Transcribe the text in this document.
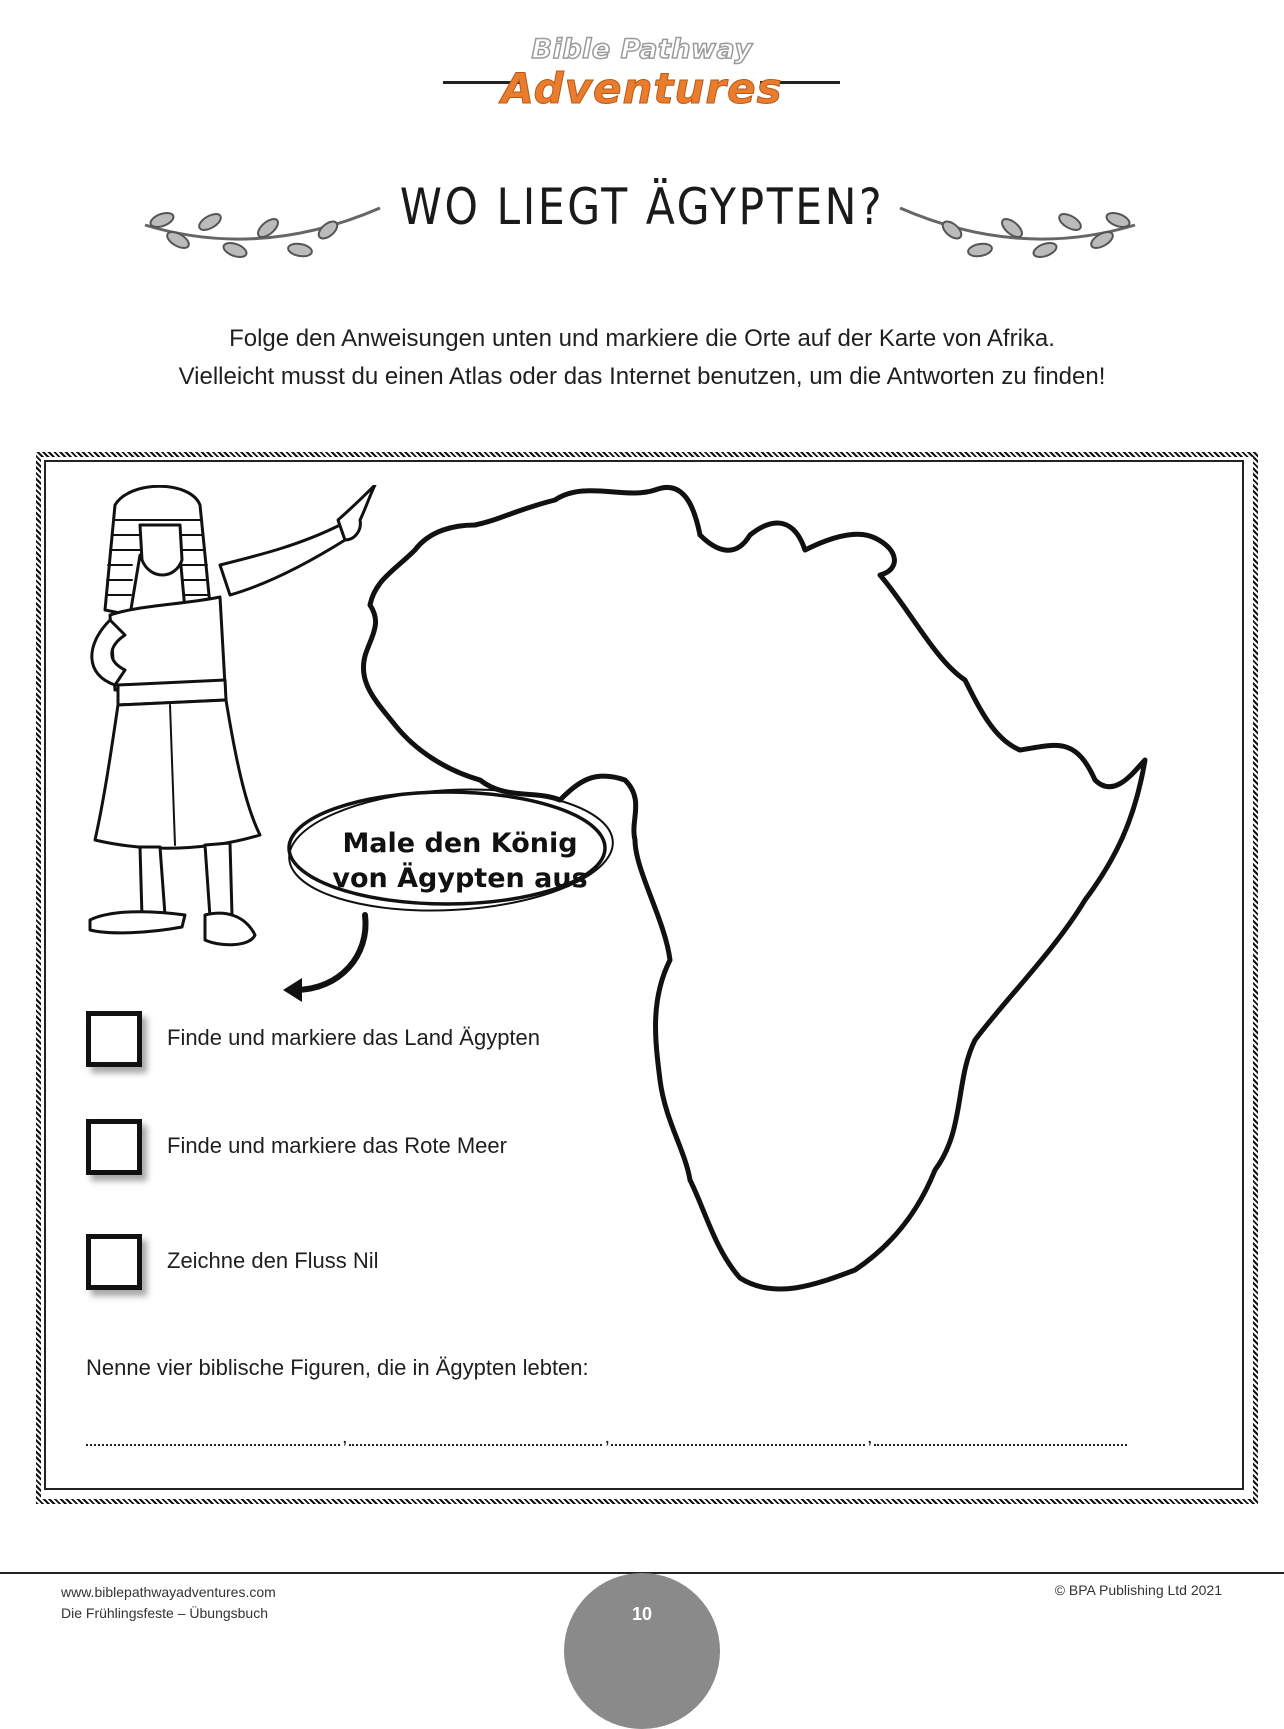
Bible Pathway
Adventures
WO LIEGT ÄGYPTEN?
Folge den Anweisungen unten und markiere die Orte auf der Karte von Afrika.
Vielleicht musst du einen Atlas oder das Internet benutzen, um die Antworten zu finden!
Male den König
von Ägypten aus
Finde und markiere das Land Ägypten
Finde und markiere das Rote Meer
Zeichne den Fluss Nil
Nenne vier biblische Figuren, die in Ägypten lebten:
,	,	,
www.biblepathwayadventures.com
Die Frühlingsfeste – Übungsbuch
© BPA Publishing Ltd 2021
10
